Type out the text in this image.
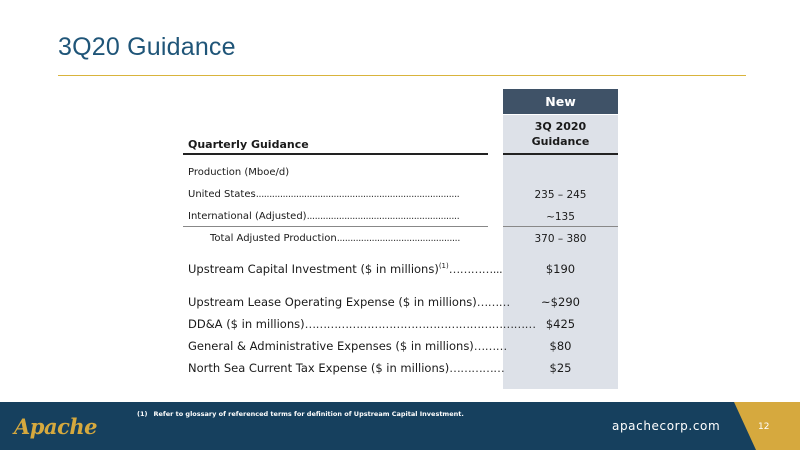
3Q20 Guidance
New
3Q 2020
Guidance
Quarterly Guidance
Production (Mboe/d)
United States............................................................................	235 – 245
International (Adjusted).........................................................	~135
Total Adjusted Production..............................................	370 – 380
Upstream Capital Investment ($ in millions)$^{(1)}$…………...	$190
Upstream Lease Operating Expense ($ in millions)………	~$290
DD&A ($ in millions)……………………………………………………… $425
General & Administrative Expenses ($ in millions)………	$80
North Sea Current Tax Expense ($ in millions)……………	$25
Apache	(1) Refer to glossary of referenced terms for definition of Upstream Capital Investment.
apachecorp.com	12
